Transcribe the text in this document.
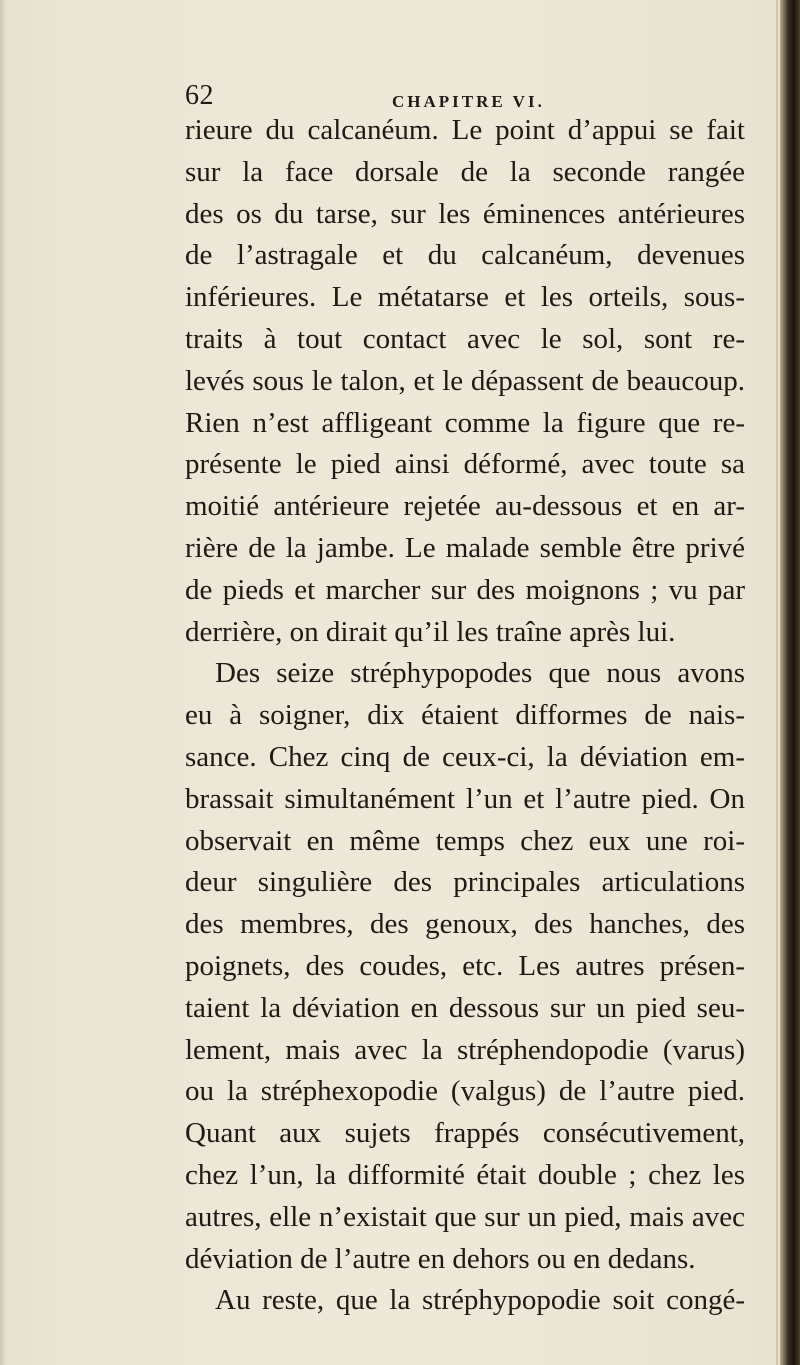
62	CHAPITRE VI.
rieure du calcanéum. Le point d’appui se fait
sur la face dorsale de la seconde rangée
des os du tarse, sur les éminences antérieures
de l’astragale et du calcanéum, devenues
inférieures. Le métatarse et les orteils, sous-
traits à tout contact avec le sol, sont re-
levés sous le talon, et le dépassent de beaucoup.
Rien n’est affligeant comme la figure que re-
présente le pied ainsi déformé, avec toute sa
moitié antérieure rejetée au-dessous et en ar-
rière de la jambe. Le malade semble être privé
de pieds et marcher sur des moignons ; vu par
derrière, on dirait qu’il les traîne après lui.
Des seize stréphypopodes que nous avons
eu à soigner, dix étaient difformes de nais-
sance. Chez cinq de ceux-ci, la déviation em-
brassait simultanément l’un et l’autre pied. On
observait en même temps chez eux une roi-
deur singulière des principales articulations
des membres, des genoux, des hanches, des
poignets, des coudes, etc. Les autres présen-
taient la déviation en dessous sur un pied seu-
lement, mais avec la stréphendopodie (varus)
ou la stréphexopodie (valgus) de l’autre pied.
Quant aux sujets frappés consécutivement,
chez l’un, la difformité était double ; chez les
autres, elle n’existait que sur un pied, mais avec
déviation de l’autre en dehors ou en dedans.
Au reste, que la stréphypopodie soit congé-
